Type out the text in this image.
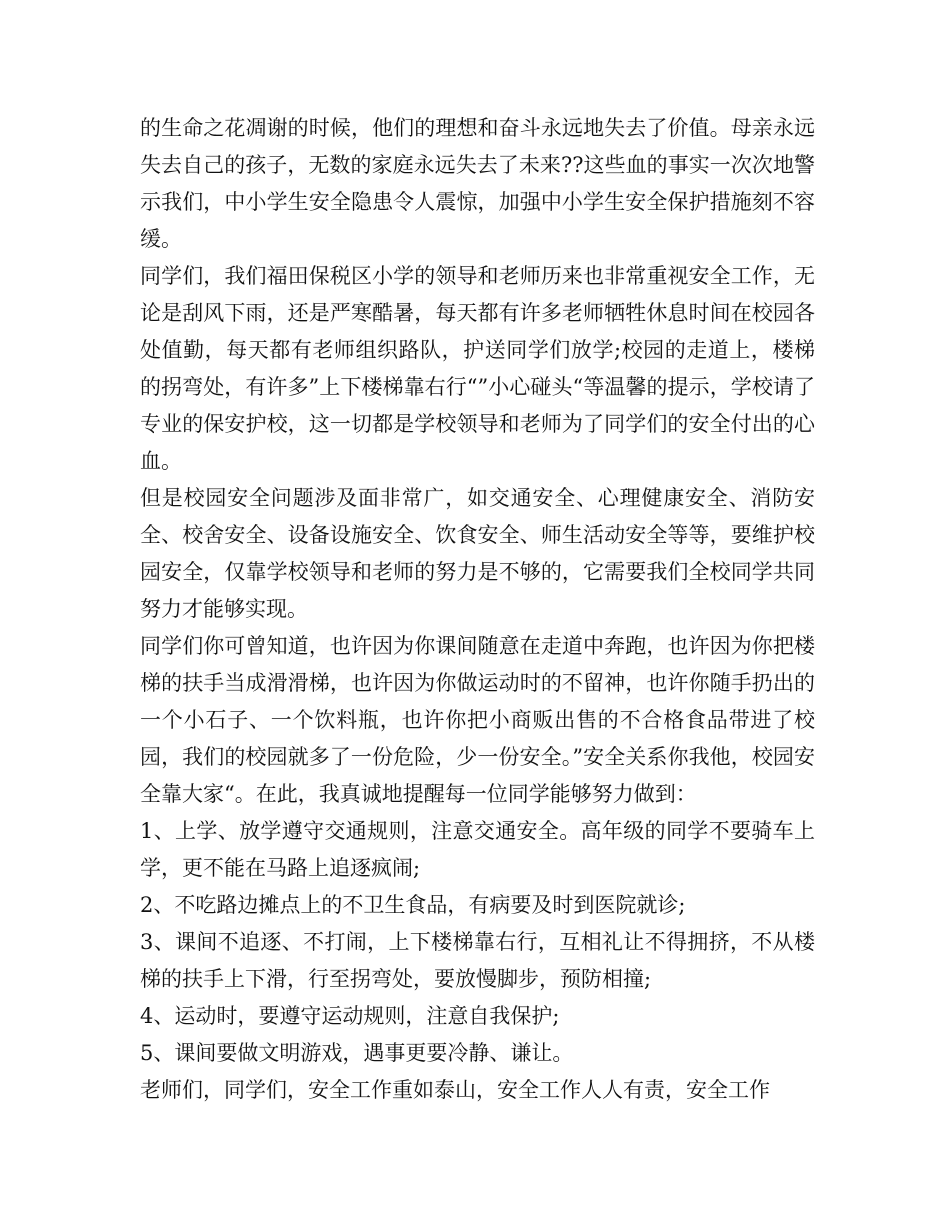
的生命之花凋谢的时候，他们的理想和奋斗永远地失去了价值。母亲永远失去自己的孩子，无数的家庭永远失去了未来??这些血的事实一次次地警示我们，中小学生安全隐患令人震惊，加强中小学生安全保护措施刻不容缓。

同学们，我们福田保税区小学的领导和老师历来也非常重视安全工作，无论是刮风下雨，还是严寒酷暑，每天都有许多老师牺牲休息时间在校园各处值勤，每天都有老师组织路队，护送同学们放学;校园的走道上，楼梯的拐弯处，有许多”上下楼梯靠右行“”小心碰头“等温馨的提示，学校请了专业的保安护校，这一切都是学校领导和老师为了同学们的安全付出的心血。

但是校园安全问题涉及面非常广，如交通安全、心理健康安全、消防安全、校舍安全、设备设施安全、饮食安全、师生活动安全等等，要维护校园安全，仅靠学校领导和老师的努力是不够的，它需要我们全校同学共同努力才能够实现。

同学们你可曾知道，也许因为你课间随意在走道中奔跑，也许因为你把楼梯的扶手当成滑滑梯，也许因为你做运动时的不留神，也许你随手扔出的一个小石子、一个饮料瓶，也许你把小商贩出售的不合格食品带进了校园，我们的校园就多了一份危险，少一份安全。”安全关系你我他，校园安全靠大家“。在此，我真诚地提醒每一位同学能够努力做到：

1、上学、放学遵守交通规则，注意交通安全。高年级的同学不要骑车上学，更不能在马路上追逐疯闹;

2、不吃路边摊点上的不卫生食品，有病要及时到医院就诊;

3、课间不追逐、不打闹，上下楼梯靠右行，互相礼让不得拥挤，不从楼梯的扶手上下滑，行至拐弯处，要放慢脚步，预防相撞;

4、运动时，要遵守运动规则，注意自我保护;

5、课间要做文明游戏，遇事更要冷静、谦让。

老师们，同学们，安全工作重如泰山，安全工作人人有责，安全工作
